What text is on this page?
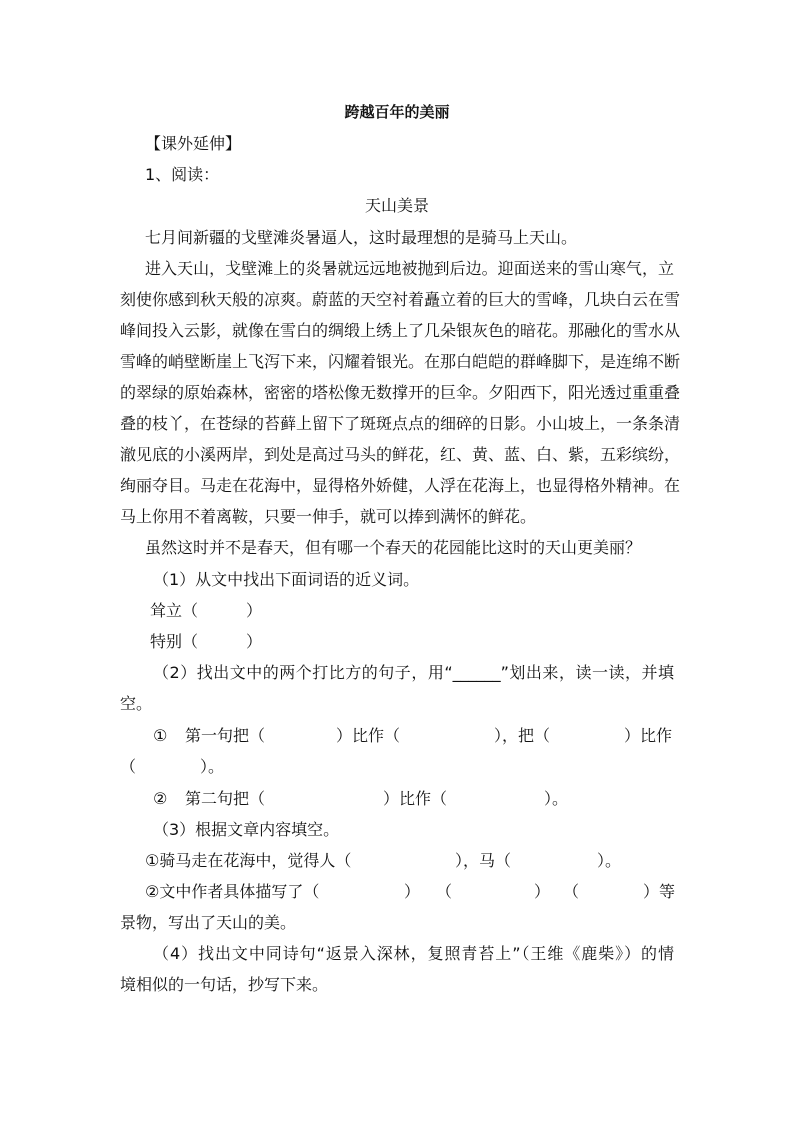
跨越百年的美丽
【课外延伸】
1、阅读：
天山美景
七月间新疆的戈壁滩炎暑逼人，这时最理想的是骑马上天山。
进入天山，戈壁滩上的炎暑就远远地被抛到后边。迎面送来的雪山寒气，立
刻使你感到秋天般的凉爽。蔚蓝的天空衬着矗立着的巨大的雪峰，几块白云在雪
峰间投入云影，就像在雪白的绸缎上绣上了几朵银灰色的暗花。那融化的雪水从
雪峰的峭壁断崖上飞泻下来，闪耀着银光。在那白皑皑的群峰脚下，是连绵不断
的翠绿的原始森林，密密的塔松像无数撑开的巨伞。夕阳西下，阳光透过重重叠
叠的枝丫，在苍绿的苔藓上留下了斑斑点点的细碎的日影。小山坡上，一条条清
澈见底的小溪两岸，到处是高过马头的鲜花，红、黄、蓝、白、紫，五彩缤纷，
绚丽夺目。马走在花海中，显得格外娇健，人浮在花海上，也显得格外精神。在
马上你用不着离鞍，只要一伸手，就可以捧到满怀的鲜花。
虽然这时并不是春天，但有哪一个春天的花园能比这时的天山更美丽？
（1）从文中找出下面词语的近义词。
耸立（　　　）
特别（　　　）
（2）找出文中的两个打比方的句子，用“______”划出来，读一读，并填
空。
① 第一句把（	）比作（	），把（	）比作
（　　　　）。
② 第二句把（	）比作（	）。
（3）根据文章内容填空。
①骑马走在花海中，觉得人（	），马（	）。
②文中作者具体描写了（	） （	） （	）等
景物，写出了天山的美。
（4）找出文中同诗句“返景入深林，复照青苔上”（王维《鹿柴》）的情
境相似的一句话，抄写下来。
